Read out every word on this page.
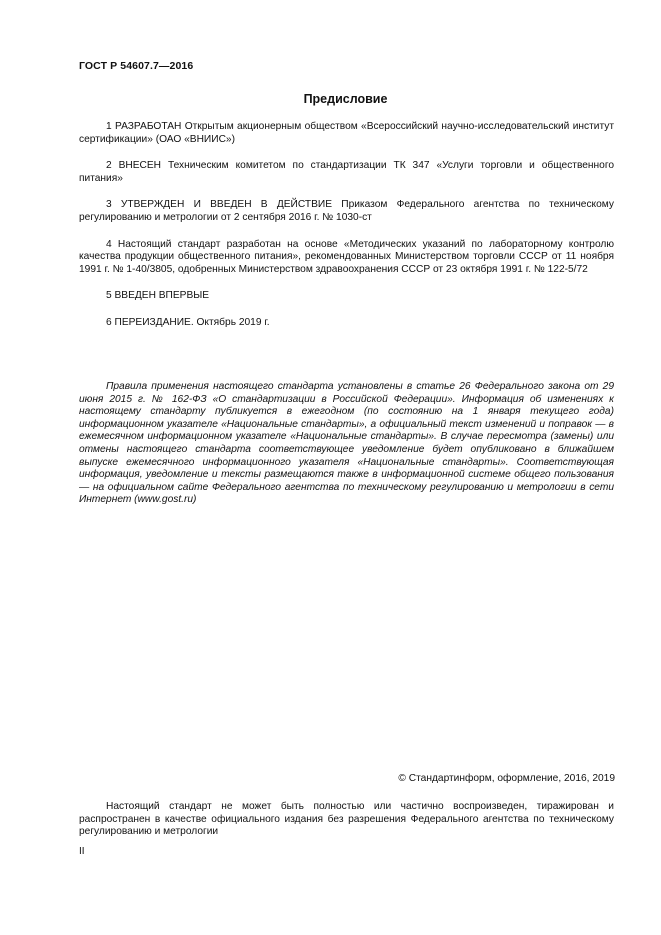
ГОСТ Р 54607.7—2016
Предисловие

1 РАЗРАБОТАН Открытым акционерным обществом «Всероссийский научно-исследовательский институт сертификации» (ОАО «ВНИИС»)

2 ВНЕСЕН Техническим комитетом по стандартизации ТК 347 «Услуги торговли и общественного питания»

3 УТВЕРЖДЕН И ВВЕДЕН В ДЕЙСТВИЕ Приказом Федерального агентства по техническому регулированию и метрологии от 2 сентября 2016 г. № 1030-ст

4 Настоящий стандарт разработан на основе «Методических указаний по лабораторному контролю качества продукции общественного питания», рекомендованных Министерством торговли СССР от 11 ноября 1991 г. № 1-40/3805, одобренных Министерством здравоохранения СССР от 23 октября 1991 г. № 122-5/72

5 ВВЕДЕН ВПЕРВЫЕ

6 ПЕРЕИЗДАНИЕ. Октябрь 2019 г.

Правила применения настоящего стандарта установлены в статье 26 Федерального закона от 29 июня 2015 г. № 162-ФЗ «О стандартизации в Российской Федерации». Информация об изменениях к настоящему стандарту публикуется в ежегодном (по состоянию на 1 января текущего года) информационном указателе «Национальные стандарты», а официальный текст изменений и поправок — в ежемесячном информационном указателе «Национальные стандарты». В случае пересмотра (замены) или отмены настоящего стандарта соответствующее уведомление будет опубликовано в ближайшем выпуске ежемесячного информационного указателя «Национальные стандарты». Соответствующая информация, уведомление и тексты размещаются также в информационной системе общего пользования — на официальном сайте Федерального агентства по техническому регулированию и метрологии в сети Интернет (www.gost.ru)

© Стандартинформ, оформление, 2016, 2019

Настоящий стандарт не может быть полностью или частично воспроизведен, тиражирован и распространен в качестве официального издания без разрешения Федерального агентства по техническому регулированию и метрологии

II
